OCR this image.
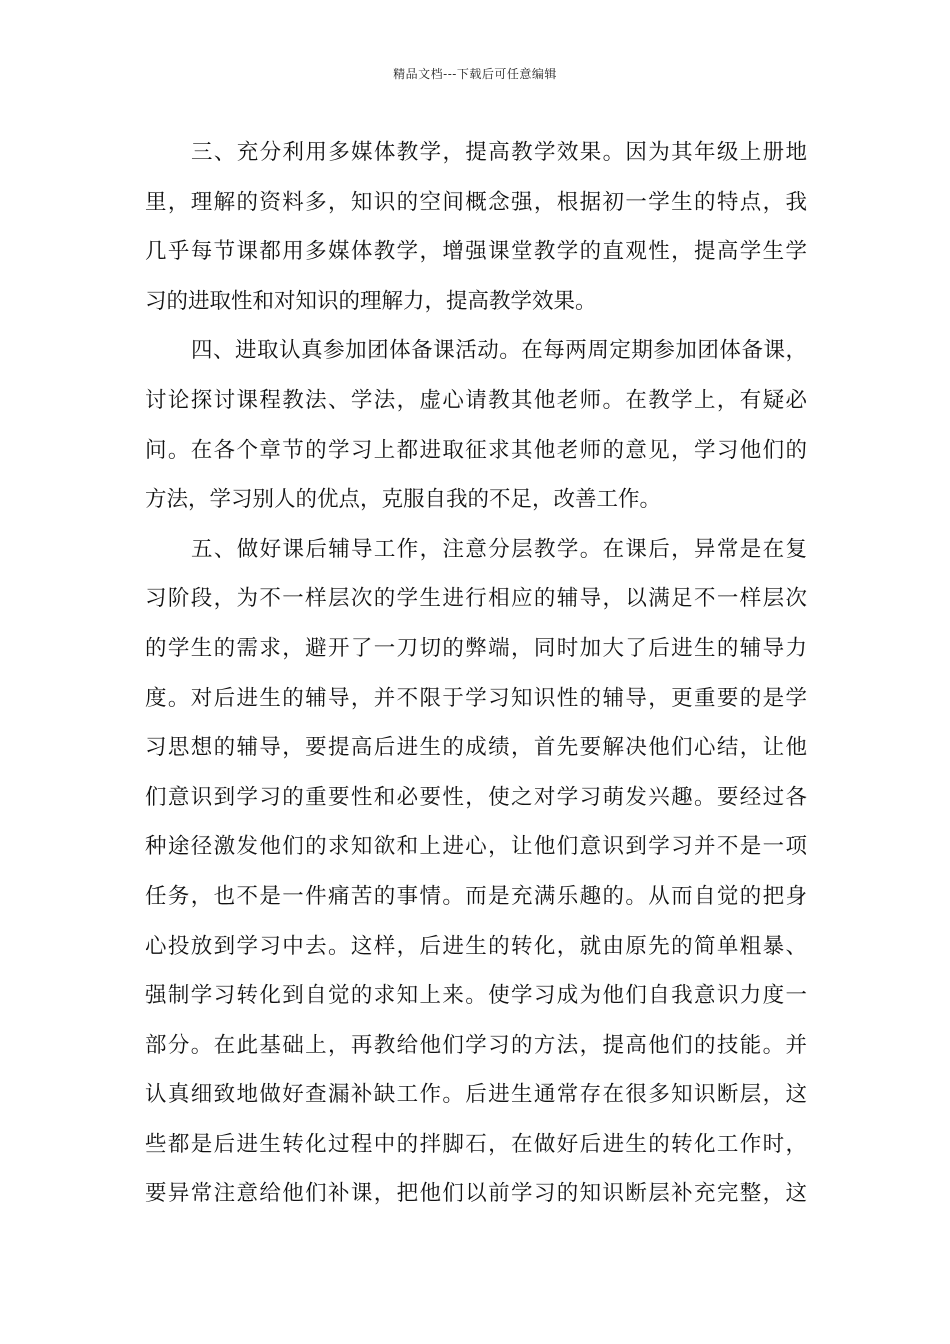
精品文档---下载后可任意编辑
三、充分利用多媒体教学，提高教学效果。因为其年级上册地
里，理解的资料多，知识的空间概念强，根据初一学生的特点，我
几乎每节课都用多媒体教学，增强课堂教学的直观性，提高学生学
习的进取性和对知识的理解力，提高教学效果。
四、进取认真参加团体备课活动。在每两周定期参加团体备课，
讨论探讨课程教法、学法，虚心请教其他老师。在教学上，有疑必
问。在各个章节的学习上都进取征求其他老师的意见，学习他们的
方法，学习别人的优点，克服自我的不足，改善工作。
五、做好课后辅导工作，注意分层教学。在课后，异常是在复
习阶段，为不一样层次的学生进行相应的辅导，以满足不一样层次
的学生的需求，避开了一刀切的弊端，同时加大了后进生的辅导力
度。对后进生的辅导，并不限于学习知识性的辅导，更重要的是学
习思想的辅导，要提高后进生的成绩，首先要解决他们心结，让他
们意识到学习的重要性和必要性，使之对学习萌发兴趣。要经过各
种途径激发他们的求知欲和上进心，让他们意识到学习并不是一项
任务，也不是一件痛苦的事情。而是充满乐趣的。从而自觉的把身
心投放到学习中去。这样，后进生的转化，就由原先的简单粗暴、
强制学习转化到自觉的求知上来。使学习成为他们自我意识力度一
部分。在此基础上，再教给他们学习的方法，提高他们的技能。并
认真细致地做好查漏补缺工作。后进生通常存在很多知识断层，这
些都是后进生转化过程中的拌脚石，在做好后进生的转化工作时，
要异常注意给他们补课，把他们以前学习的知识断层补充完整，这
